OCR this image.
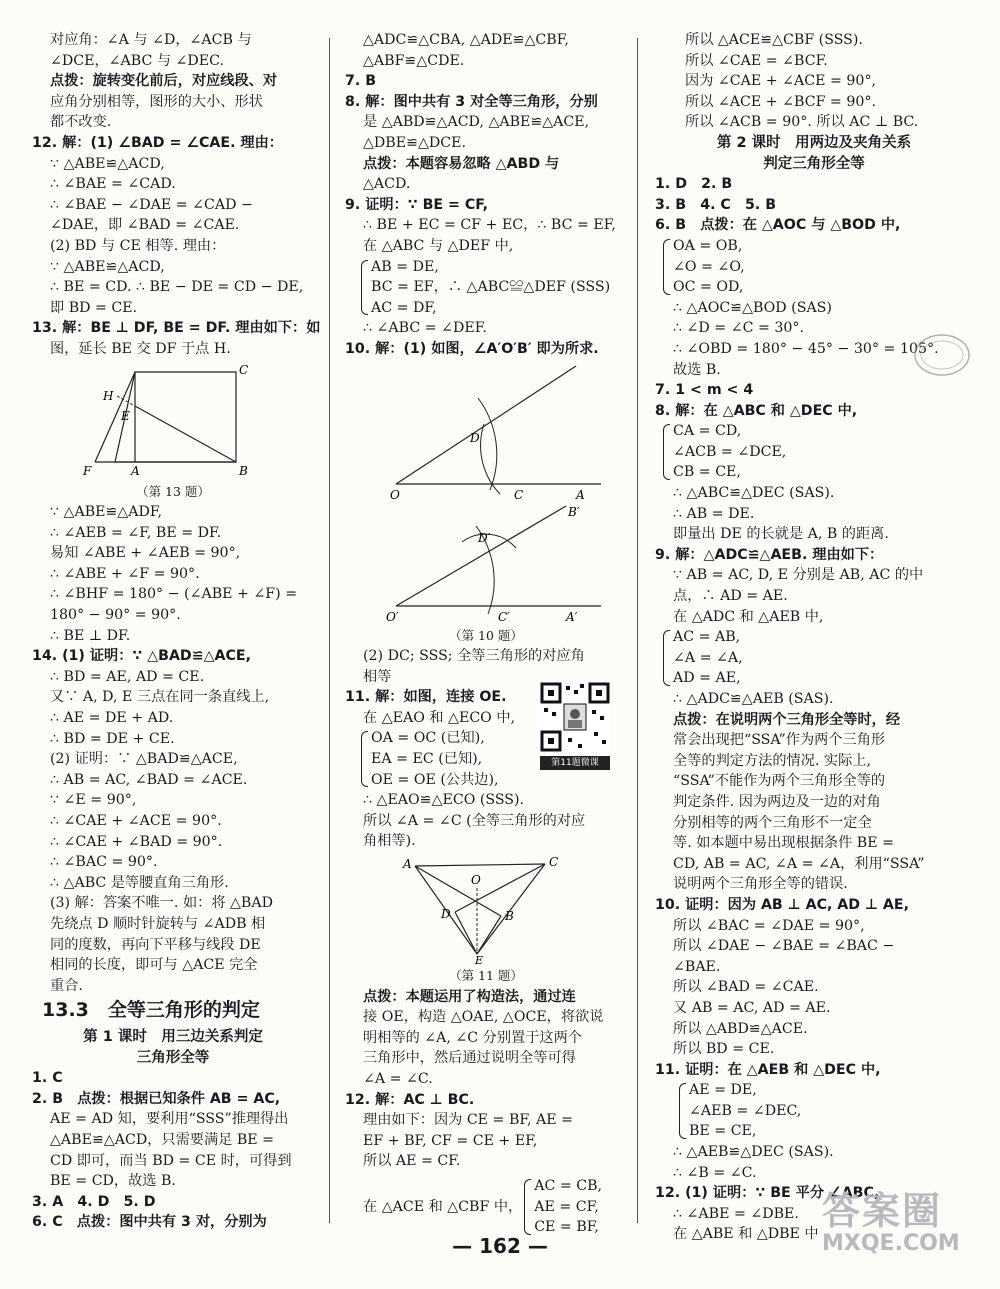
对应角：∠A 与 ∠D，∠ACB 与
∠DCE，∠ABC 与 ∠DEC.
点拨：旋转变化前后，对应线段、对
应角分别相等，图形的大小、形状
都不改变.
12. 解：(1) ∠BAD = ∠CAE. 理由：
∵ △ABE≌△ACD,
∴ ∠BAE = ∠CAD.
∴ ∠BAE − ∠DAE = ∠CAD −
∠DAE，即 ∠BAD = ∠CAE.
(2) BD 与 CE 相等. 理由：
∵ △ABE≌△ACD,
∴ BE = CD. ∴ BE − DE = CD − DE,
即 BD = CE.
13. 解：BE ⊥ DF, BE = DF. 理由如下：如
图，延长 BE 交 DF 于点 H.
H
C
E
F	A	B
（第 13 题）
∵ △ABE≌△ADF,
∴ ∠AEB = ∠F, BE = DF.
易知 ∠ABE + ∠AEB = 90°,
∴ ∠ABE + ∠F = 90°.
∴ ∠BHF = 180° − (∠ABE + ∠F) =
180° − 90° = 90°.
∴ BE ⊥ DF.
14. (1) 证明：∵ △BAD≌△ACE,
∴ BD = AE, AD = CE.
又∵ A, D, E 三点在同一条直线上,
∴ AE = DE + AD.
∴ BD = DE + CE.
(2) 证明：∵ △BAD≌△ACE,
∴ AB = AC, ∠BAD = ∠ACE.
∵ ∠E = 90°,
∴ ∠CAE + ∠ACE = 90°.
∴ ∠CAE + ∠BAD = 90°.
∴ ∠BAC = 90°.
∴ △ABC 是等腰直角三角形.
(3) 解：答案不唯一. 如：将 △BAD
先绕点 D 顺时针旋转与 ∠ADB 相
同的度数，再向下平移与线段 DE
相同的长度，即可与 △ACE 完全
重合.
13.3　全等三角形的判定
第 1 课时　用三边关系判定
三角形全等
1. C
2. B　点拨：根据已知条件 AB = AC,
AE = AD 知，要利用“SSS”推理得出
△ABE≌△ACD，只需要满足 BE =
CD 即可，而当 BD = CE 时，可得到
BE = CD，故选 B.
3. A　4. D　5. D
6. C　点拨：图中共有 3 对，分别为
△ADC≌△CBA, △ADE≌△CBF,
△ABF≌△CDE.
7. B
8. 解：图中共有 3 对全等三角形，分别
是 △ABD≌△ACD, △ABE≌△ACE,
△DBE≌△DCE.
点拨：本题容易忽略 △ABD 与
△ACD.
9. 证明：∵ BE = CF,
∴ BE + EC = CF + EC，∴ BC = EF,
在 △ABC 与 △DEF 中,
AB = DE,
BC = EF，∴ △ABC≌△DEF (SSS)
AC = DF,
∴ ∠ABC = ∠DEF.
10. 解：(1) 如图，∠A′O′B′ 即为所求.
D
O	C	A
B′
D′
O′	C′	A′
（第 10 题）
(2) DC; SSS; 全等三角形的对应角
相等
11. 解：如图，连接 OE.
在 △EAO 和 △ECO 中,
OA = OC (已知),
EA = EC (已知),
OE = OE (公共边),
∴ △EAO≌△ECO (SSS).
所以 ∠A = ∠C (全等三角形的对应
角相等).
A	C
O
D	B
E
（第 11 题）
点拨：本题运用了构造法，通过连
接 OE，构造 △OAE, △OCE，将欲说
明相等的 ∠A, ∠C 分别置于这两个
三角形中，然后通过说明全等可得
∠A = ∠C.
12. 解：AC ⊥ BC.
理由如下：因为 CE = BF, AE =
EF + BF, CF = CE + EF,
所以 AE = CF.
在 △ACE 和 △CBF 中，
AC = CB,
AE = CF,
CE = BF,
第11题微课
所以 △ACE≌△CBF (SSS).
所以 ∠CAE = ∠BCF.
因为 ∠CAE + ∠ACE = 90°,
所以 ∠ACE + ∠BCF = 90°.
所以 ∠ACB = 90°. 所以 AC ⊥ BC.
第 2 课时　用两边及夹角关系
判定三角形全等
1. D　2. B
3. B　4. C　5. B
6. B　点拨：在 △AOC 与 △BOD 中,
OA = OB,
∠O = ∠O,
OC = OD,
∴ △AOC≌△BOD (SAS)
∴ ∠D = ∠C = 30°.
∴ ∠OBD = 180° − 45° − 30° = 105°.
故选 B.
7. 1 < m < 4
8. 解：在 △ABC 和 △DEC 中,
CA = CD,
∠ACB = ∠DCE,
CB = CE,
∴ △ABC≌△DEC (SAS).
∴ AB = DE.
即量出 DE 的长就是 A, B 的距离.
9. 解：△ADC≌△AEB. 理由如下：
∵ AB = AC, D, E 分别是 AB, AC 的中
点，∴ AD = AE.
在 △ADC 和 △AEB 中,
AC = AB,
∠A = ∠A,
AD = AE,
∴ △ADC≌△AEB (SAS).
点拨：在说明两个三角形全等时，经
常会出现把“SSA”作为两个三角形
全等的判定方法的情况. 实际上,
“SSA”不能作为两个三角形全等的
判定条件. 因为两边及一边的对角
分别相等的两个三角形不一定全
等. 如本题中易出现根据条件 BE =
CD, AB = AC, ∠A = ∠A，利用“SSA”
说明两个三角形全等的错误.
10. 证明：因为 AB ⊥ AC, AD ⊥ AE,
所以 ∠BAC = ∠DAE = 90°,
所以 ∠DAE − ∠BAE = ∠BAC −
∠BAE.
所以 ∠BAD = ∠CAE.
又 AB = AC, AD = AE.
所以 △ABD≌△ACE.
所以 BD = CE.
11. 证明：在 △AEB 和 △DEC 中,
AE = DE,
∠AEB = ∠DEC,
BE = CE,
∴ △AEB≌△DEC (SAS).
∴ ∠B = ∠C.
12. (1) 证明：∵ BE 平分 ∠ABC,
∴ ∠ABE = ∠DBE.
在 △ABE 和 △DBE 中
— 162 —
答案圈
MXQE.COM
